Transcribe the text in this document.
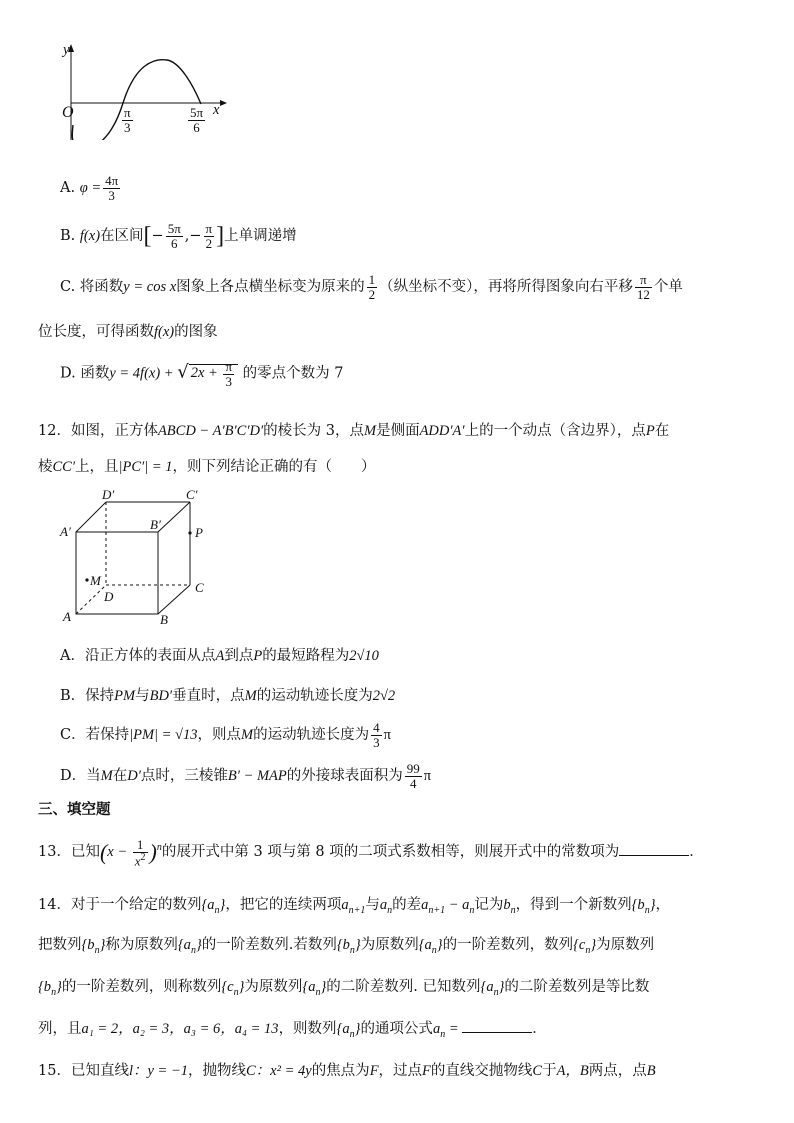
y
O	x
$\frac{\pi}{3}$	$\frac{5\pi}{6}$
A. $\varphi = \frac{4\pi}{3}$
B. f(x)在区间[− $\frac{5\pi}{6}$ ,− $\frac{\pi}{2}$ ]上单调递增
C. 将函数y = cos x图象上各点横坐标变为原来的 $\frac{1}{2}$ （纵坐标不变），再将所得图象向右平移 $\frac{\pi}{12}$ 个单
位长度，可得函数f(x)的图象
D. 函数y = 4f(x) + √ $2x + \frac{\pi}{3}$ 的零点个数为 7
12．如图，正方体ABCD − A′B′C′D′的棱长为 3，点M是侧面ADD′A′上的一个动点（含边界），点P在
棱CC′上，且|PC′| = 1，则下列结论正确的有（　　）
D′	C′
A′	B′
P
M
D
C
A	B
A．沿正方体的表面从点A到点P的最短路程为2√10
B．保持PM与BD′垂直时，点M的运动轨迹长度为2√2
C．若保持|PM| = √13，则点M的运动轨迹长度为 $\frac{4}{3}$ π
D．当M在D′点时，三棱锥B′ − MAP的外接球表面积为 $\frac{99}{4}$ π
三、填空题
13．已知$(x - \frac{1}{x^2} )^n$的展开式中第 3 项与第 8 项的二项式系数相等，则展开式中的常数项为	．
14．对于一个给定的数列$\{a_n\}$，把它的连续两项$a_{n+1}$与$a_n$的差$a_{n+1} - a_n$记为$b_n$，得到一个新数列$\{b_n\}$，
把数列$\{b_n\}$称为原数列$\{a_n\}$的一阶差数列.若数列$\{b_n\}$为原数列$\{a_n\}$的一阶差数列，数列$\{c_n\}$为原数列
$\{b_n\}$的一阶差数列，则称数列$\{c_n\}$为原数列$\{a_n\}$的二阶差数列. 已知数列$\{a_n\}$的二阶差数列是等比数
列，且a₁ = 2，a₂ = 3，a₃ = 6，a₄ = 13，则数列$\{a_n\}$的通项公式$a_n$ =	．
15．已知直线l：y = −1，抛物线C：x² = 4y的焦点为F，过点F的直线交抛物线C于A，B两点，点B
